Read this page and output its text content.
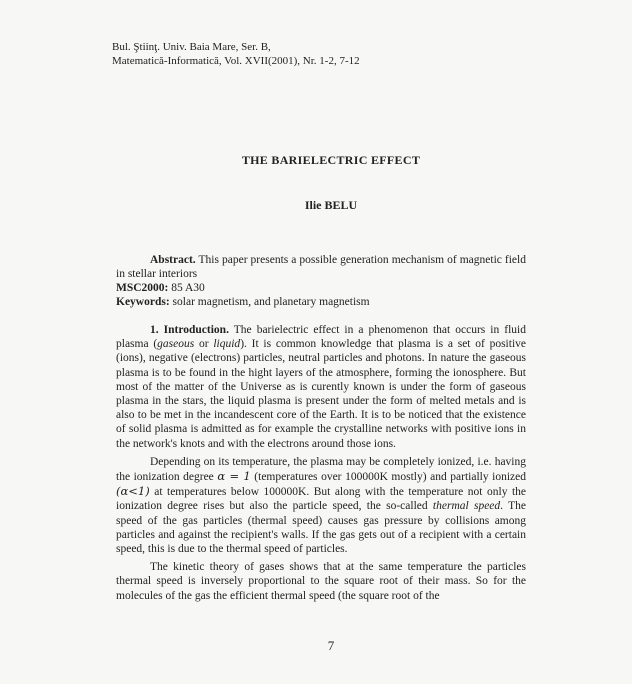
Bul. Ştiinţ. Univ. Baia Mare, Ser. B,
Matematică-Informatică, Vol. XVII(2001), Nr. 1-2, 7-12
THE BARIELECTRIC EFFECT
Ilie BELU
Abstract. This paper presents a possible generation mechanism of magnetic field in stellar interiors
MSC2000: 85 A30
Keywords: solar magnetism, and planetary magnetism

1. Introduction. The barielectric effect in a phenomenon that occurs in fluid plasma (gaseous or liquid). It is common knowledge that plasma is a set of positive (ions), negative (electrons) particles, neutral particles and photons. In nature the gaseous plasma is to be found in the hight layers of the atmosphere, forming the ionosphere. But most of the matter of the Universe as is curently known is under the form of gaseous plasma in the stars, the liquid plasma is present under the form of melted metals and is also to be met in the incandescent core of the Earth. It is to be noticed that the existence of solid plasma is admitted as for example the crystalline networks with positive ions in the network's knots and with the electrons around those ions.

Depending on its temperature, the plasma may be completely ionized, i.e. having the ionization degree α = 1 (temperatures over 100000K mostly) and partially ionized (α<1) at temperatures below 100000K. But along with the temperature not only the ionization degree rises but also the particle speed, the so-called thermal speed. The speed of the gas particles (thermal speed) causes gas pressure by collisions among particles and against the recipient's walls. If the gas gets out of a recipient with a certain speed, this is due to the thermal speed of particles.

The kinetic theory of gases shows that at the same temperature the particles thermal speed is inversely proportional to the square root of their mass. So for the molecules of the gas the efficient thermal speed (the square root of the

7
